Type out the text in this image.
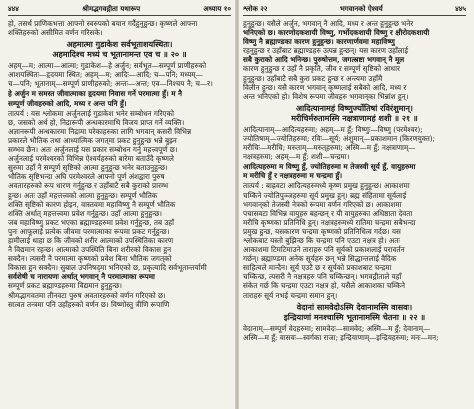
४४४	श्रीमद्भगवद्गीता यथारूप	अध्याय १०
हो, तसर्थ प्राणिकभत्ता आफ्नो स्वरुपको बयान गर्दैहुनुहुन्छ। कृष्णले आफ्ना
शक्तिहरुको असीमित वर्णन गरिसके।
अहमात्मा गुडाकेश सर्वभूताशयस्थितः।
अहमादिश्च मध्यं च भूतानामन्त एव च ॥ २० ॥
अहम्—म; आत्मा—आत्मा; गुडाकेश—हे अर्जुन; सर्वभूत—सम्पूर्ण प्राणीहरुको
आशयस्थितः—हृदयमा स्थित; अहम्—म; आदिः—आदि; च—पनि; मध्यम्—
च—पनि; भूतानाम्—सम्पूर्ण प्राणीहरुको; अन्तः—अन्त; एव—निश्चय नै; च—र।
हे अर्जुन म समस्त जीवात्माका हृदयमा निवास गर्ने परमात्मा हुँ। म नै
सम्पूर्ण जीवहरुको आदि, मध्य र अन्त पनि हुँ।
तात्पर्य : यस श्लोकमा अर्जुनलाई गुडाकेश भनेर सम्बोधन गरिएको
छ, जसको अर्थ हो, निद्रारूपी अन्धकारमाथि विजय प्राप्त गर्ने व्यक्ति।
अज्ञानरूपी अन्धकारमा निद्रामा परेकाहरुका लागि भगवान् कसरी विभिन्न
प्रकारले भौतिक तथा आध्यात्मिक जगत्‌मा प्रकट हुनुहुन्छ भन्ने बुझ्न
सम्भव छैन। अतः अर्जुनलाई यस प्रकार सम्बोधन गर्नु महत्त्वपूर्ण छ।
अर्जुनलाई परमेश्वरको विभिन्न ऐश्वर्यहरुको बारेमा बताउँदै कृष्णले
सुरुमा उहाँ नै सम्पूर्ण सृष्टिको आत्मा हुनुहुन्छ भनेर बताउनुहुन्छ।
भौतिक सृष्टिभन्दा अघि परमेश्वरले आफ्नो पूर्ण अंशद्वारा पुरुष
अवतारहरुको रूप धारण गर्नुहुन्छ र उहाँबाटै सबै कुराको प्रारम्भ
हुन्छ। अतः उहाँ महत्तत्त्वको आत्मा हुनुहुन्छ। सम्पूर्ण भौतिक
शक्ति सृष्टिको कारण होइन, वास्तवमा महाविष्णु नै सम्पूर्ण भौतिक
शक्ति अर्थात् महत्तत्त्वमा प्रवेश गर्नुहुन्छ। उहाँ आत्मा हुनुहुन्छ।
जब महाविष्णु प्रकट भएका ब्रह्माण्डहरुमा प्रवेश गर्नुहुन्छ, तब उहाँ
पुनः आफूलाई प्रत्येक जीवमा परमात्माका रूपमा प्रकट गर्नुहुन्छ।
हामीलाई थाहा छ कि जीवको शरीर आत्माको उपस्थितिका कारण
नै विद्यमान रहन्छ। आत्माको उपस्थिति बिना शरीरको विकास हुन
सक्दैन। त्यसरी नै परमात्मा कृष्णको प्रवेश बिना भौतिक जगत्‌को
विकास हुन सक्दैन। सुबाल उपनिषद्‌मा भनिएको छ, प्रकृत्यादि सर्वभूतान्तर्यामी
सर्वशेषी च नारायणः अर्थात् भगवान् नै परमात्माका रूपमा
सम्पूर्ण प्रकट ब्रह्माण्डहरुमा विद्यमान हुनुहुन्छ।
श्रीमद्भागवतमा तीनवटा पुरुष अवतारहरुको वर्णन गरिएको छ।
सात्वत तन्त्रमा पनि उहाँहरुको वर्णन छ। विष्णोस्तु त्रीणि रूपाणि
श्लोक २२	भगवानको ऐश्वर्य	४४५
हुनुहुन्छ। यसैले अर्जुन, भगवान् नै आदि, मध्य र अन्त हुनुहुन्छ भनेर
भनिएको छ। कारणोदकशायी विष्णु, गर्भोदकशायी विष्णु र क्षीरोदकशायी
विष्णु नै ब्रह्माण्डका कारण हुनुहुन्छ। कारणार्णवमा महाविष्णु
रहनुहुन्छ र उहाँबाट ब्रह्माण्डहरु उत्पन्न हुन्छन्। यस कारण उहाँलाई
सबै कुराको आदि भनिन्छ। पुरुषोत्तम, जगत्स्रष्टा भगवान् नै मूल
कारण हुनुहुन्छ र उहाँ नै प्रकृति, जीव र सम्पूर्ण सृष्टिको आधार
हुनुहुन्छ। उहाँबाटै सबै कुरा प्रकट हुन्छ र अन्त्यमा उहाँमै
विलीन हुन्छ। यसै कारण भगवान् कृष्णलाई सबैको आदि, मध्य र
अन्त भनिएको हो। विशेष रूपमा जीवहरु भगवान्‌का भिन्नांश हुन्।
आदित्यानामहं विष्णुर्ज्योतिषां रविरंशुमान्।
मरीचिर्मरुतामस्मि नक्षत्राणामहं शशी ॥ २१ ॥
आदित्यानाम्—आदित्यहरुमा; अहम्—म हुँ; विष्णुः—विष्णु (परमेश्वर);
ज्योतिषाम्—ज्योतिहरुमा; रविः—सूर्य; अंशुमान्—प्रकाशमान (किरणयुक्त);
मरीचिः—मरीचि; मरुताम्—मरुत्‌हरुमा; अस्मि—म हुँ; नक्षत्राणाम्—
नक्षत्रहरुमा; अहम्—म हुँ; शशी—चन्द्रमा।
आदित्यहरुमा म विष्णु हुँ, ज्योतिहरुमा म तेजस्वी सूर्य हुँ, वायुहरुमा
म मरीचि हुँ र नक्षत्रहरुमा म चन्द्रमा हुँ।
तात्पर्य : बाह्रवटा आदित्यहरुमध्ये कृष्ण प्रमुख हुनुहुन्छ। आकाशमा
चम्किने ज्योतिपुञ्जहरुमा सूर्य प्रमुख हुन्। ब्रह्म संहितामा सूर्यलाई
भगवान्‌को तेजस्वी नेत्रको रूपमा वर्णन गरिएको छ। आकाशमा
पचासवटा विभिन्न वायुहरु बहन्छन् र यी वायुहरुका अधिष्ठाता देवता
मरीचि कृष्णका प्रतिनिधि हुन्। नक्षत्रहरुमध्ये रातिमा चन्द्रमा सबैभन्दा
प्रमुख हुन्छ, यसकारण चन्द्रमा कृष्णको प्रतिनिधित्व गर्दछ। यस
श्लोकबाट यस्तो बुझिन्छ कि चन्द्रमा पनि एउटा नक्षत्र हो। अतः
आकाशमा टिमटिमाउने ताराहरु पनि सूर्यको प्रकाशलाई परावर्तन
गर्छन्। ब्रह्माण्डमा अनेक सूर्यहरु छन् भन्ने सिद्धान्तलाई वैदिक
साहित्यले मान्दैन। सूर्य एउटै छ र सूर्यको प्रकाशबाट चन्द्रमा
चम्किन्छ, त्यसरी नै नक्षत्रहरु पनि चम्किन्छन्। भगवद्गीताले यहाँ
संकेत गर्छ कि चन्द्रमा एउटा नक्षत्र हो, यसैले आकाशका चम्किने
ताराहरु सूर्य नभई चन्द्रमा समान हुन्।
वेदानां सामवेदोऽस्मि देवानामस्मि वासवः।
इन्द्रियाणां मनश्चास्मि भूतानामस्मि चेतना ॥ २२ ॥
वेदानाम्—सम्पूर्ण वेदहरुमा; सामवेदः—सामवेद; अस्मि—म हुँ; देवानाम्—
अस्मि—म हुँ; वासवः—स्वर्गका राजा; इन्द्रियाणाम्—इन्द्रियहरुमा; मनः—मन;
